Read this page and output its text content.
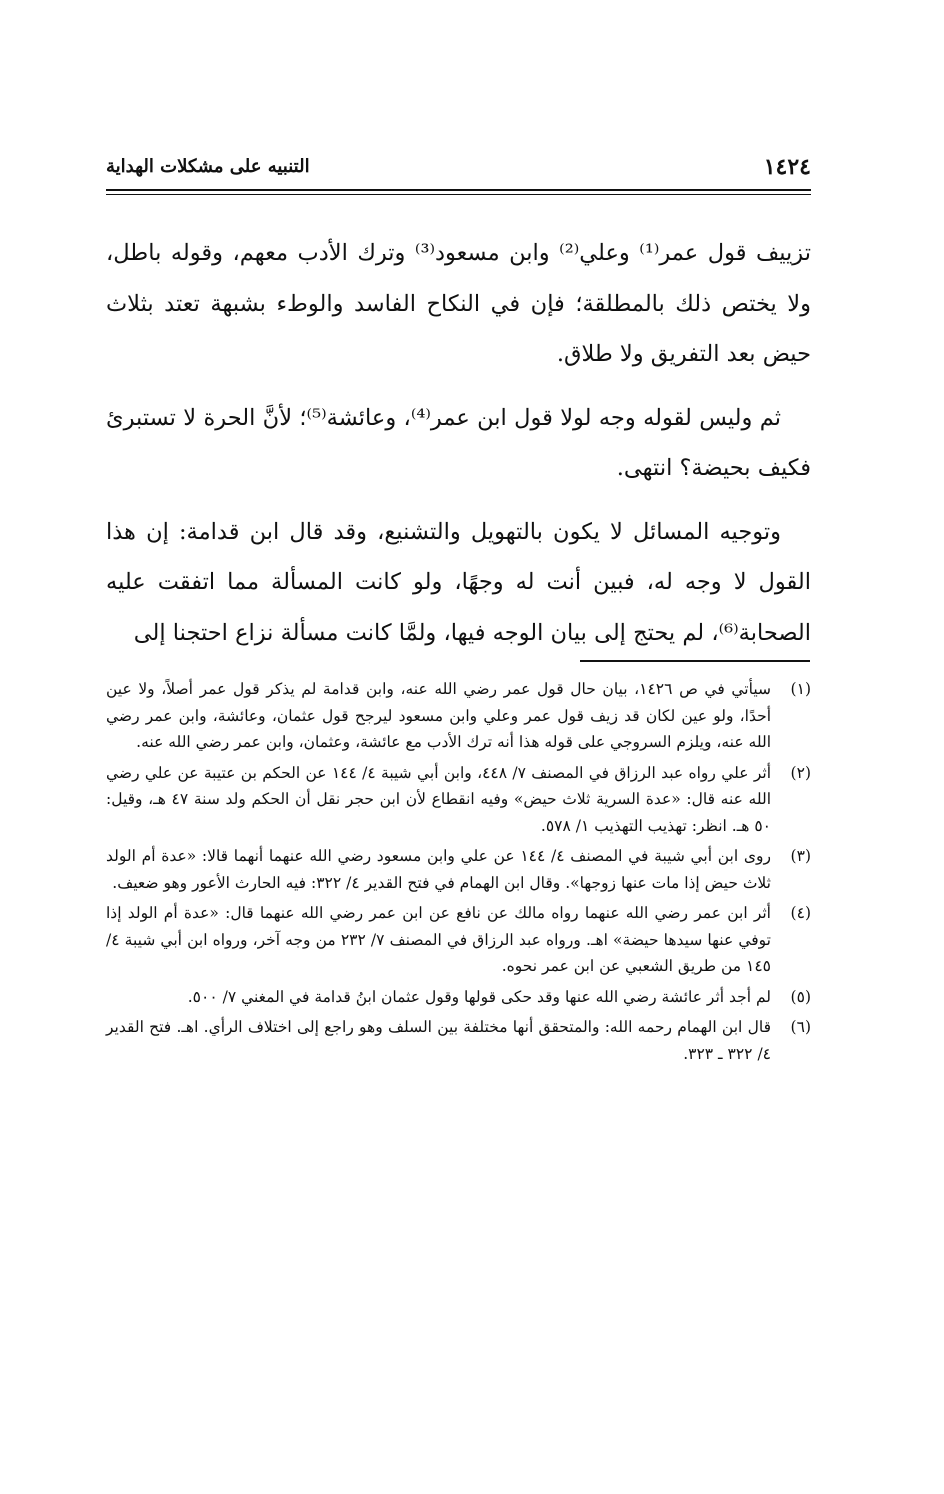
١٤٢٤
التنبيه على مشكلات الهداية

تزييف قول عمر⁽¹⁾ وعلي⁽²⁾ وابن مسعود⁽³⁾ وترك الأدب معهم، وقوله باطل، ولا يختص ذلك بالمطلقة؛ فإن في النكاح الفاسد والوطء بشبهة تعتد بثلاث حيض بعد التفريق ولا طلاق.

ثم وليس لقوله وجه لولا قول ابن عمر⁽⁴⁾، وعائشة⁽⁵⁾؛ لأنَّ الحرة لا تستبرئ فكيف بحيضة؟ انتهى.

وتوجيه المسائل لا يكون بالتهويل والتشنيع، وقد قال ابن قدامة: إن هذا القول لا وجه له، فبين أنت له وجهًا، ولو كانت المسألة مما اتفقت عليه الصحابة⁽⁶⁾، لم يحتج إلى بيان الوجه فيها، ولمَّا كانت مسألة نزاع احتجنا إلى

(١)
سيأتي في ص ١٤٢٦، بيان حال قول عمر رضي الله عنه، وابن قدامة لم يذكر قول عمر أصلاً، ولا عين أحدًا، ولو عين لكان قد زيف قول عمر وعلي وابن مسعود ليرجح قول عثمان، وعائشة، وابن عمر رضي الله عنه، ويلزم السروجي على قوله هذا أنه ترك الأدب مع عائشة، وعثمان، وابن عمر رضي الله عنه.
(٢)
أثر علي رواه عبد الرزاق في المصنف ٧/ ٤٤٨، وابن أبي شيبة ٤/ ١٤٤ عن الحكم بن عتيبة عن علي رضي الله عنه قال: «عدة السرية ثلاث حيض» وفيه انقطاع لأن ابن حجر نقل أن الحكم ولد سنة ٤٧ هـ، وقيل: ٥٠ هـ. انظر: تهذيب التهذيب ١/ ٥٧٨.
(٣)
روى ابن أبي شيبة في المصنف ٤/ ١٤٤ عن علي وابن مسعود رضي الله عنهما أنهما قالا: «عدة أم الولد ثلاث حيض إذا مات عنها زوجها». وقال ابن الهمام في فتح القدير ٤/ ٣٢٢: فيه الحارث الأعور وهو ضعيف.
(٤)
أثر ابن عمر رضي الله عنهما رواه مالك عن نافع عن ابن عمر رضي الله عنهما قال: «عدة أم الولد إذا توفي عنها سيدها حيضة» اهـ. ورواه عبد الرزاق في المصنف ٧/ ٢٣٢ من وجه آخر، ورواه ابن أبي شيبة ٤/ ١٤٥ من طريق الشعبي عن ابن عمر نحوه.
(٥)
لم أجد أثر عائشة رضي الله عنها وقد حكى قولها وقول عثمان ابنُ قدامة في المغني ٧/ ٥٠٠.
(٦)
قال ابن الهمام رحمه الله: والمتحقق أنها مختلفة بين السلف وهو راجع إلى اختلاف الرأي. اهـ. فتح القدير ٤/ ٣٢٢ ـ ٣٢٣.
